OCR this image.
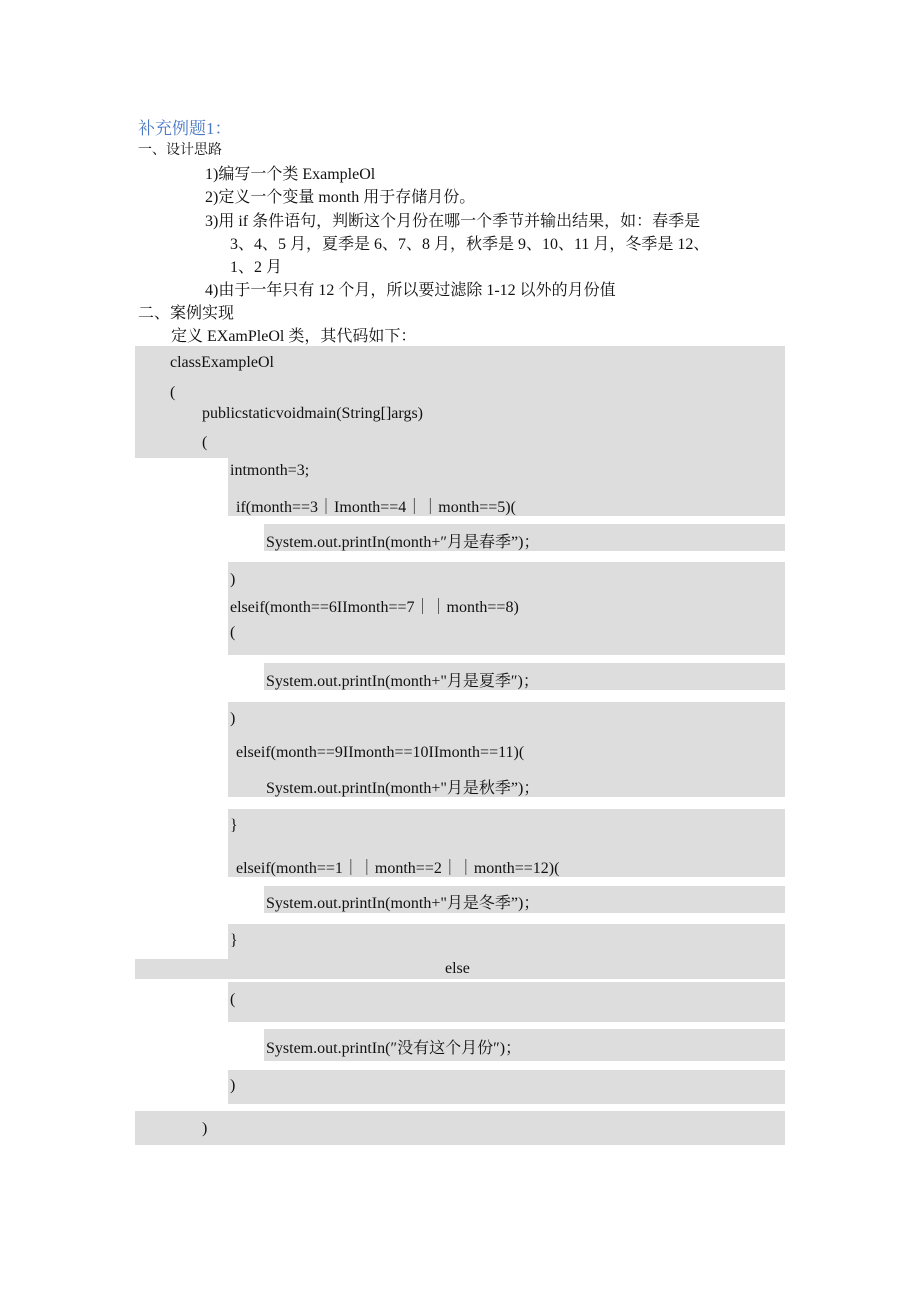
补充例题1：
一、设计思路
1)编写一个类 ExampleOl
2)定义一个变量 month 用于存储月份。
3)用 if 条件语句，判断这个月份在哪一个季节并输出结果，如：春季是
3、4、5 月，夏季是 6、7、8 月，秋季是 9、10、11 月，冬季是 12、
1、2 月
4)由于一年只有 12 个月，所以要过滤除 1-12 以外的月份值
二、案例实现
定义 EXamPleOl 类，其代码如下：
classExampleOl
(
publicstaticvoidmain(String[]args)
(
intmonth=3;
if(month==3｜Imonth==4｜｜month==5)(
System.out.printIn(month+″月是春季”)；
)
elseif(month==6IImonth==7｜｜month==8)
(
System.out.printIn(month+"月是夏季″)；
)
elseif(month==9IImonth==10IImonth==11)(
System.out.printIn(month+"月是秋季”)；
}
elseif(month==1｜｜month==2｜｜month==12)(
System.out.printIn(month+"月是冬季”)；
}
else
(
System.out.printIn(″没有这个月份″)；
)
)
